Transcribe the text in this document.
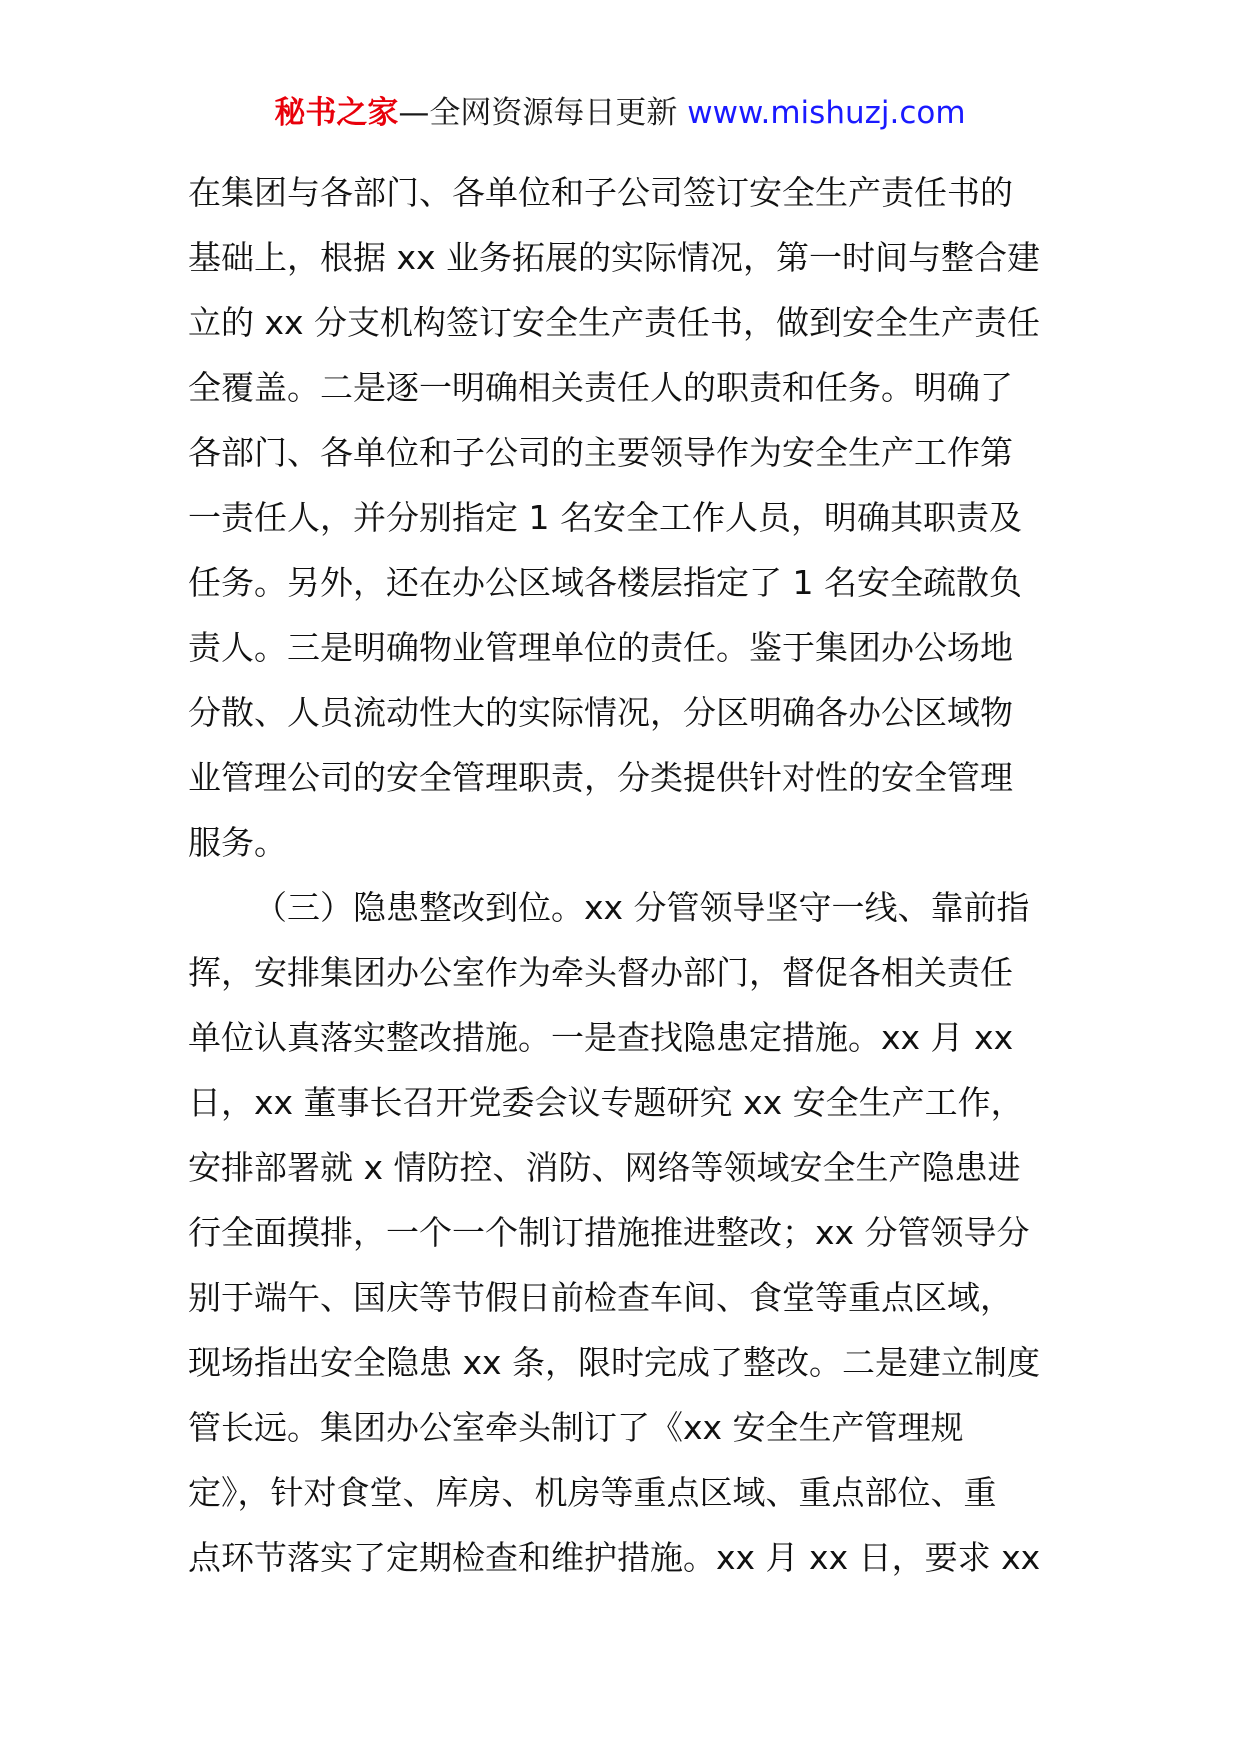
秘书之家—全网资源每日更新 www.mishuzj.com
在集团与各部门、各单位和子公司签订安全生产责任书的
基础上，根据 xx 业务拓展的实际情况，第一时间与整合建
立的 xx 分支机构签订安全生产责任书，做到安全生产责任
全覆盖。二是逐一明确相关责任人的职责和任务。明确了
各部门、各单位和子公司的主要领导作为安全生产工作第
一责任人，并分别指定 1 名安全工作人员，明确其职责及
任务。另外，还在办公区域各楼层指定了 1 名安全疏散负
责人。三是明确物业管理单位的责任。鉴于集团办公场地
分散、人员流动性大的实际情况，分区明确各办公区域物
业管理公司的安全管理职责，分类提供针对性的安全管理
服务。
（三）隐患整改到位。xx 分管领导坚守一线、靠前指
挥，安排集团办公室作为牵头督办部门，督促各相关责任
单位认真落实整改措施。一是查找隐患定措施。xx 月 xx
日，xx 董事长召开党委会议专题研究 xx 安全生产工作，
安排部署就 x 情防控、消防、网络等领域安全生产隐患进
行全面摸排，一个一个制订措施推进整改；xx 分管领导分
别于端午、国庆等节假日前检查车间、食堂等重点区域，
现场指出安全隐患 xx 条，限时完成了整改。二是建立制度
管长远。集团办公室牵头制订了《xx 安全生产管理规
定》，针对食堂、库房、机房等重点区域、重点部位、重
点环节落实了定期检查和维护措施。xx 月 xx 日，要求 xx
